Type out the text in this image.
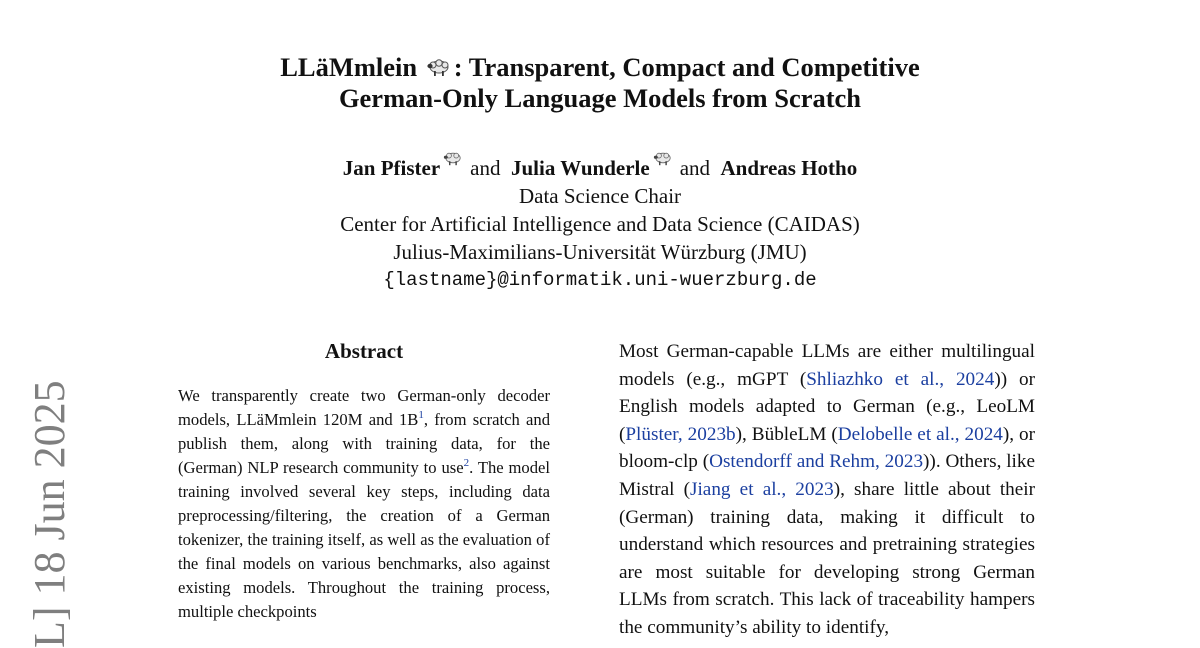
L] 18 Jun 2025
LLäMmlein : Transparent, Compact and Competitive
German-Only Language Models from Scratch
Jan Pfister and Julia Wunderle and Andreas Hotho
Data Science Chair
Center for Artificial Intelligence and Data Science (CAIDAS)
Julius-Maximilians-Universität Würzburg (JMU)
{lastname}@informatik.uni-wuerzburg.de
Abstract

We transparently create two German-only decoder models, LLäMmlein 120M and 1B$^1$, from scratch and publish them, along with training data, for the (German) NLP research community to use$^2$. The model training involved several key steps, including data preprocessing/filtering, the creation of a German tokenizer, the training itself, as well as the evaluation of the final models on various benchmarks, also against existing models. Throughout the training process, multiple checkpoints

Most German-capable LLMs are either multilingual models (e.g., mGPT (Shliazhko et al., 2024)) or English models adapted to German (e.g., LeoLM (Plüster, 2023b), BübleLM (Delobelle et al., 2024), or bloom-clp (Ostendorff and Rehm, 2023)). Others, like Mistral (Jiang et al., 2023), share little about their (German) training data, making it difficult to understand which resources and pretraining strategies are most suitable for developing strong German LLMs from scratch. This lack of traceability hampers the community’s ability to identify,
